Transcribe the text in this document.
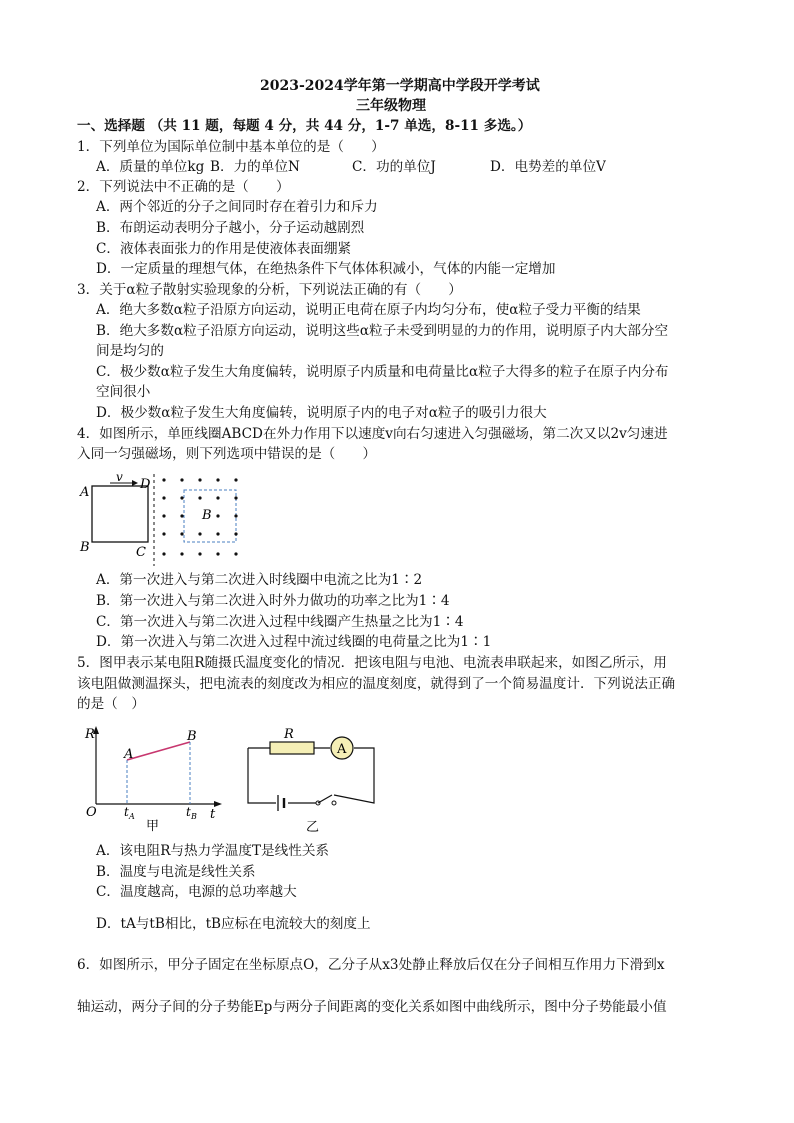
2023-2024学年第一学期高中学段开学考试
三年级物理
一、选择题 （共 11 题，每题 4 分，共 44 分，1-7 单选，8-11 多选。）
1．下列单位为国际单位制中基本单位的是（　　）
A．质量的单位kg B．力的单位N	C．功的单位J	D．电势差的单位V
2．下列说法中不正确的是（　　）
A．两个邻近的分子之间同时存在着引力和斥力
B．布朗运动表明分子越小，分子运动越剧烈
C．液体表面张力的作用是使液体表面绷紧
D．一定质量的理想气体，在绝热条件下气体体积减小，气体的内能一定增加
3．关于α粒子散射实验现象的分析，下列说法正确的有（　　）
A．绝大多数α粒子沿原方向运动，说明正电荷在原子内均匀分布，使α粒子受力平衡的结果
B．绝大多数α粒子沿原方向运动，说明这些α粒子未受到明显的力的作用，说明原子内大部分空
间是均匀的
C．极少数α粒子发生大角度偏转，说明原子内质量和电荷量比α粒子大得多的粒子在原子内分布
空间很小
D．极少数α粒子发生大角度偏转，说明原子内的电子对α粒子的吸引力很大
4．如图所示，单匝线圈ABCD在外力作用下以速度v向右匀速进入匀强磁场，第二次又以2v匀速进
入同一匀强磁场，则下列选项中错误的是（　　）
v
A
B	C
D
B
A．第一次进入与第二次进入时线圈中电流之比为1∶2
B．第一次进入与第二次进入时外力做功的功率之比为1∶4
C．第一次进入与第二次进入过程中线圈产生热量之比为1∶4
D．第一次进入与第二次进入过程中流过线圈的电荷量之比为1∶1
5．图甲表示某电阻R随摄氏温度变化的情况．把该电阻与电池、电流表串联起来，如图乙所示，用
该电阻做测温探头，把电流表的刻度改为相应的温度刻度，就得到了一个简易温度计．下列说法正确
的是（　）
R
t
O
A
B
t A	t B
甲
R
A
乙
A．该电阻R与热力学温度T是线性关系
B．温度与电流是线性关系
C．温度越高，电源的总功率越大
D．tA与tB相比，tB应标在电流较大的刻度上
6．如图所示，甲分子固定在坐标原点O，乙分子从x3处静止释放后仅在分子间相互作用力下滑到x
轴运动，两分子间的分子势能Ep与两分子间距离的变化关系如图中曲线所示，图中分子势能最小值
